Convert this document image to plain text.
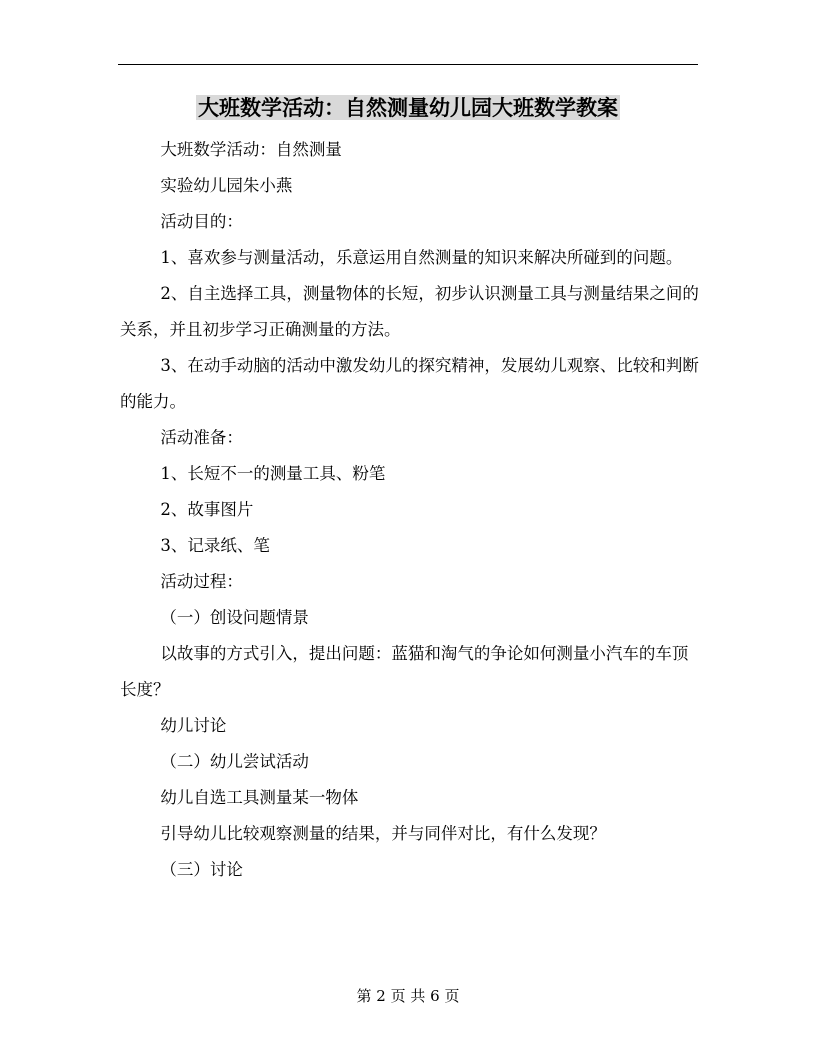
大班数学活动：自然测量幼儿园大班数学教案

大班数学活动：自然测量

实验幼儿园朱小燕

活动目的：

1、喜欢参与测量活动，乐意运用自然测量的知识来解决所碰到的问题。

2、自主选择工具，测量物体的长短，初步认识测量工具与测量结果之间的关系，并且初步学习正确测量的方法。

3、在动手动脑的活动中激发幼儿的探究精神，发展幼儿观察、比较和判断的能力。

活动准备：

1、长短不一的测量工具、粉笔

2、故事图片

3、记录纸、笔

活动过程：

（一）创设问题情景

以故事的方式引入，提出问题：蓝猫和淘气的争论如何测量小汽车的车顶长度？

幼儿讨论

（二）幼儿尝试活动

幼儿自选工具测量某一物体

引导幼儿比较观察测量的结果，并与同伴对比，有什么发现？

（三）讨论

第 2 页 共 6 页
